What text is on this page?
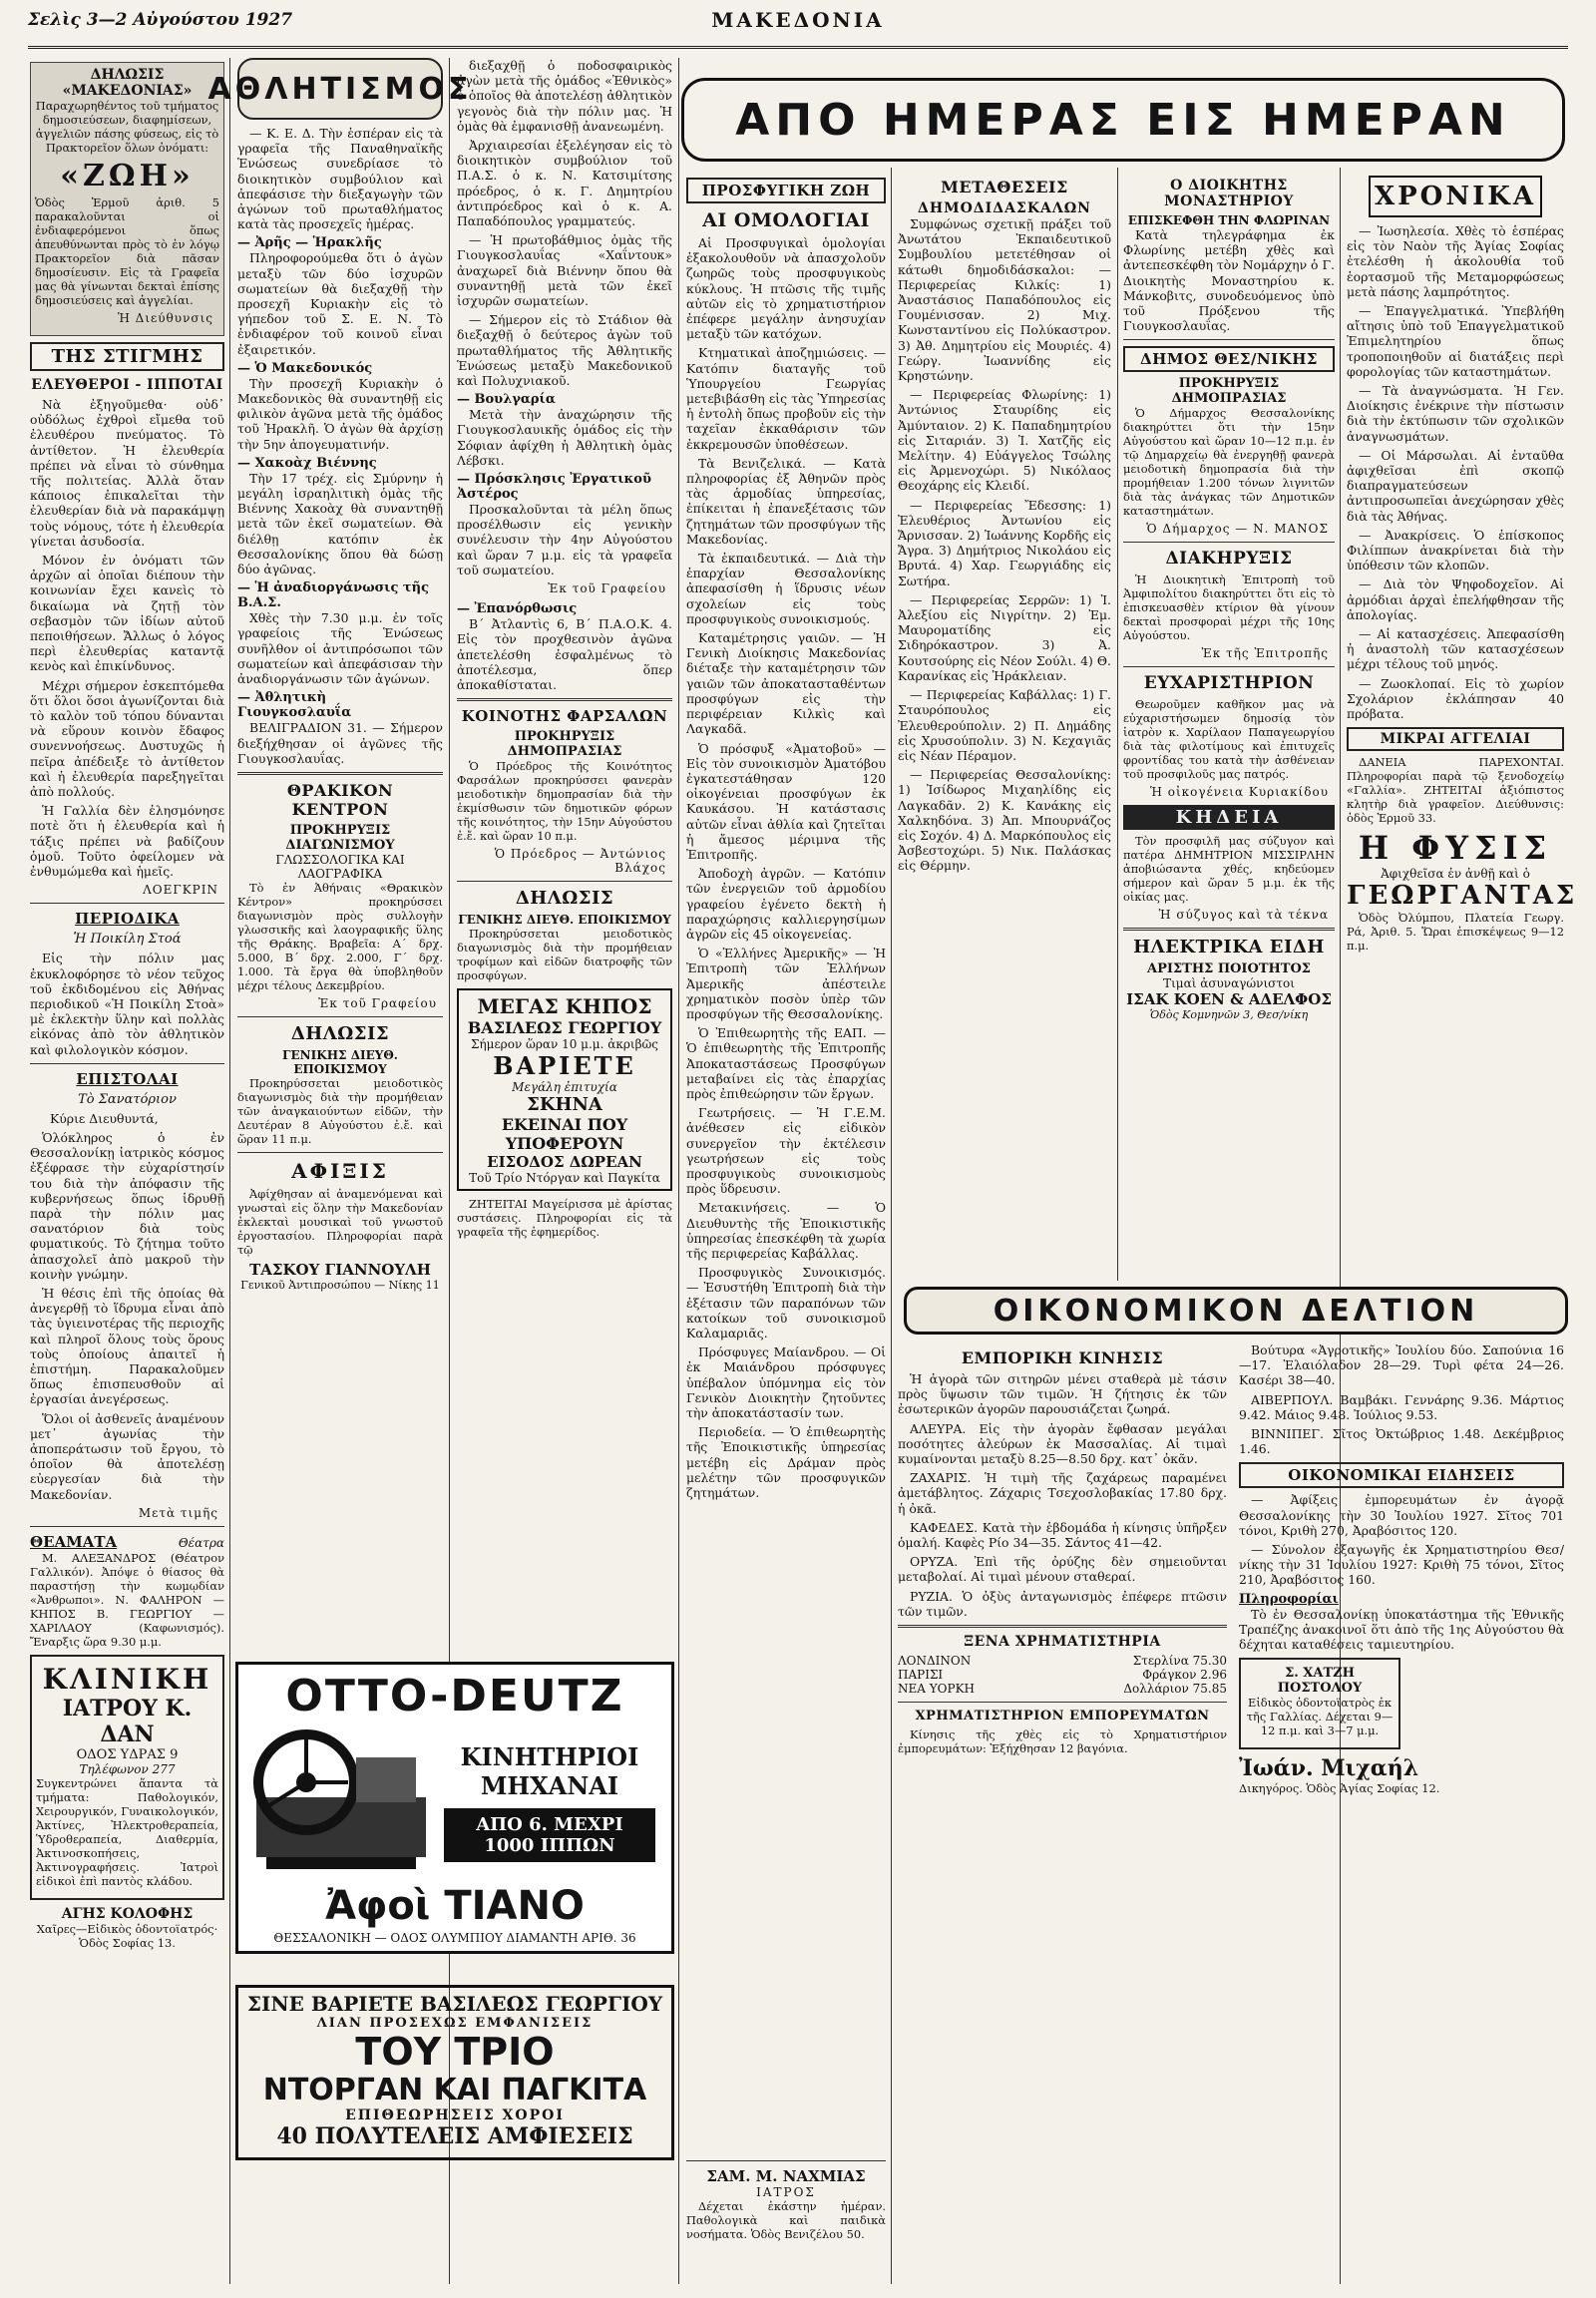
Σελὶς 3—2 Αὐγούστου 1927	ΜΑΚΕΔΟΝΙΑ
ΔΗΛΩΣΙΣ «ΜΑΚΕΔΟΝΙΑΣ»
Παραχωρηθέντος τοῦ τμήματος δημοσιεύσεων, διαφημίσεων, ἀγγελιῶν πάσης φύσεως, εἰς τὸ Πρακτορεῖον ὅλων ὀνόματι:
«ΖΩΗ»
Ὁδὸς Ἑρμοῦ ἀριθ. 5 παρακαλοῦνται οἱ ἐνδιαφερόμενοι ὅπως ἀπευθύνωνται πρὸς τὸ ἐν λόγῳ Πρακτορεῖον διὰ πᾶσαν δημοσίευσιν. Εἰς τὰ Γραφεῖα μας θὰ γίνωνται δεκταὶ ἐπίσης δημοσιεύσεις καὶ ἀγγελίαι.
Ἡ Διεύθυνσις
ΤΗΣ ΣΤΙΓΜΗΣ
ΕΛΕΥΘΕΡΟΙ - ΙΠΠΟΤΑΙ

Νὰ ἐξηγοῦμεθα· οὐδ᾽ οὐδόλως ἐχθροὶ εἴμεθα τοῦ ἐλευθέρου πνεύματος. Τὸ ἀντίθετον. Ἡ ἐλευθερία πρέπει νὰ εἶναι τὸ σύνθημα τῆς πολιτείας. Ἀλλὰ ὅταν κάποιος ἐπικαλεῖται τὴν ἐλευθερίαν διὰ νὰ παρακάμψῃ τοὺς νόμους, τότε ἡ ἐλευθερία γίνεται ἀσυδοσία.

Μόνον ἐν ὀνόματι τῶν ἀρχῶν αἱ ὁποῖαι διέπουν τὴν κοινωνίαν ἔχει κανεὶς τὸ δικαίωμα νὰ ζητῇ τὸν σεβασμὸν τῶν ἰδίων αὐτοῦ πεποιθήσεων. Ἄλλως ὁ λόγος περὶ ἐλευθερίας καταντᾷ κενὸς καὶ ἐπικίνδυνος.

Μέχρι σήμερον ἐσκεπτόμεθα ὅτι ὅλοι ὅσοι ἀγωνίζονται διὰ τὸ καλὸν τοῦ τόπου δύνανται νὰ εὕρουν κοινὸν ἔδαφος συνεννοήσεως. Δυστυχῶς ἡ πεῖρα ἀπέδειξε τὸ ἀντίθετον καὶ ἡ ἐλευθερία παρεξηγεῖται ἀπὸ πολλούς.

Ἡ Γαλλία δὲν ἐλησμόνησε ποτὲ ὅτι ἡ ἐλευθερία καὶ ἡ τάξις πρέπει νὰ βαδίζουν ὁμοῦ. Τοῦτο ὀφείλομεν νὰ ἐνθυμώμεθα καὶ ἡμεῖς.

ΛΟΕΓΚΡΙΝ
ΠΕΡΙΟΔΙΚΑ
Ἡ Ποικίλη Στοά

Εἰς τὴν πόλιν μας ἐκυκλοφόρησε τὸ νέον τεῦχος τοῦ ἐκδιδομένου εἰς Ἀθήνας περιοδικοῦ «Ἡ Ποικίλη Στοὰ» μὲ ἐκλεκτὴν ὕλην καὶ πολλὰς εἰκόνας ἀπὸ τὸν ἀθλητικὸν καὶ φιλολογικὸν κόσμον.

ΕΠΙΣΤΟΛΑΙ
Τὸ Σανατόριον

Κύριε Διευθυντά,

Ὁλόκληρος ὁ ἐν Θεσσαλονίκῃ ἰατρικὸς κόσμος ἐξέφρασε τὴν εὐχαρίστησίν του διὰ τὴν ἀπόφασιν τῆς κυβερνήσεως ὅπως ἱδρυθῇ παρὰ τὴν πόλιν μας σανατόριον διὰ τοὺς φυματικούς. Τὸ ζήτημα τοῦτο ἀπασχολεῖ ἀπὸ μακροῦ τὴν κοινὴν γνώμην.

Ἡ θέσις ἐπὶ τῆς ὁποίας θὰ ἀνεγερθῇ τὸ ἵδρυμα εἶναι ἀπὸ τὰς ὑγιεινοτέρας τῆς περιοχῆς καὶ πληροῖ ὅλους τοὺς ὅρους τοὺς ὁποίους ἀπαιτεῖ ἡ ἐπιστήμη. Παρακαλοῦμεν ὅπως ἐπισπευσθοῦν αἱ ἐργασίαι ἀνεγέρσεως.

Ὅλοι οἱ ἀσθενεῖς ἀναμένουν μετ᾽ ἀγωνίας τὴν ἀποπεράτωσιν τοῦ ἔργου, τὸ ὁποῖον θὰ ἀποτελέσῃ εὐεργεσίαν διὰ τὴν Μακεδονίαν.

Μετὰ τιμῆς
ΘΕΑΜΑΤΑ	Θέατρα

Μ. ΑΛΕΞΑΝΔΡΟΣ (Θέατρον Γαλλικόν). Ἀπόψε ὁ θίασος θὰ παραστήσῃ τὴν κωμῳδίαν «Ἀνθρωποι». Ν. ΦΑΛΗΡΟΝ — ΚΗΠΟΣ Β. ΓΕΩΡΓΙΟΥ — ΧΑΡΙΛΑΟΥ (Καφωνισμός). Ἔναρξις ὥρα 9.30 μ.μ.

ΚΛΙΝΙΚΗ
ΙΑΤΡΟΥ Κ. ΔΑΝ
ΟΔΟΣ ΥΔΡΑΣ 9
Τηλέφωνον 277

Συγκεντρώνει ἅπαντα τὰ τμήματα: Παθολογικόν, Χειρουργικόν, Γυναικολογικόν, Ἀκτίνες, Ἠλεκτροθεραπεία, Ὑδροθεραπεία, Διαθερμία, Ἀκτινοσκοπήσεις, Ἀκτινογραφήσεις. Ἰατροὶ εἰδικοὶ ἐπὶ παντὸς κλάδου.

ΑΓΗΣ ΚΟΛΟΦΗΣ
Χαῖρες—Εἰδικὸς ὁδοντοϊατρός· Ὁδὸς Σοφίας 13.
ΑΘΛΗΤΙΣΜΟΣ

— Κ. Ε. Δ. Τὴν ἑσπέραν εἰς τὰ γραφεῖα τῆς Παναθηναϊκῆς Ἑνώσεως συνεδρίασε τὸ διοικητικὸν συμβούλιον καὶ ἀπεφάσισε τὴν διεξαγωγὴν τῶν ἀγώνων τοῦ πρωταθλήματος κατὰ τὰς προσεχεῖς ἡμέρας.

— Ἀρῆς — Ἡρακλῆς

Πληροφορούμεθα ὅτι ὁ ἀγὼν μεταξὺ τῶν δύο ἰσχυρῶν σωματείων θὰ διεξαχθῇ τὴν προσεχῆ Κυριακὴν εἰς τὸ γήπεδον τοῦ Σ. Ε. Ν. Τὸ ἐνδιαφέρον τοῦ κοινοῦ εἶναι ἐξαιρετικόν.

— Ὁ Μακεδονικός

Τὴν προσεχῆ Κυριακὴν ὁ Μακεδονικὸς θὰ συναντηθῇ εἰς φιλικὸν ἀγῶνα μετὰ τῆς ὁμάδος τοῦ Ἠρακλῆ. Ὁ ἀγὼν θὰ ἀρχίσῃ τὴν 5ην ἀπογευματινήν.

— Χακοὰχ Βιέννης

Τὴν 17 τρέχ. εἰς Σμύρνην ἡ μεγάλη ἰσραηλιτικὴ ὁμὰς τῆς Βιέννης Χακοὰχ θὰ συναντηθῇ μετὰ τῶν ἐκεῖ σωματείων. Θὰ διέλθῃ κατόπιν ἐκ Θεσσαλονίκης ὅπου θὰ δώσῃ δύο ἀγῶνας.

— Ἡ ἀναδιοργάνωσις τῆς Β.Α.Σ.

Χθὲς τὴν 7.30 μ.μ. ἐν τοῖς γραφείοις τῆς Ἑνώσεως συνῆλθον οἱ ἀντιπρόσωποι τῶν σωματείων καὶ ἀπεφάσισαν τὴν ἀναδιοργάνωσιν τῶν ἀγώνων.

— Ἀθλητικὴ Γιουγκοσλαυΐα

ΒΕΛΙΓΡΑΔΙΟΝ 31. — Σήμερον διεξήχθησαν οἱ ἀγῶνες τῆς Γιουγκοσλαυΐας.

ΘΡΑΚΙΚΟΝ ΚΕΝΤΡΟΝ
ΠΡΟΚΗΡΥΞΙΣ ΔΙΑΓΩΝΙΣΜΟΥ
ΓΛΩΣΣΟΛΟΓΙΚΑ ΚΑΙ ΛΑΟΓΡΑΦΙΚΑ

Τὸ ἐν Ἀθήναις «Θρακικὸν Κέντρον» προκηρύσσει διαγωνισμὸν πρὸς συλλογὴν γλωσσικῆς καὶ λαογραφικῆς ὕλης τῆς Θράκης. Βραβεῖα: Α΄ δρχ. 5.000, Β΄ δρχ. 2.000, Γ΄ δρχ. 1.000. Τὰ ἔργα θὰ ὑποβληθοῦν μέχρι τέλους Δεκεμβρίου.

Ἐκ τοῦ Γραφείου
ΔΗΛΩΣΙΣ
ΓΕΝΙΚΗΣ ΔΙΕΥΘ. ΕΠΟΙΚΙΣΜΟΥ

Προκηρύσσεται μειοδοτικὸς διαγωνισμὸς διὰ τὴν προμήθειαν τῶν ἀναγκαιούντων εἰδῶν, τὴν Δευτέραν 8 Αὐγούστου ἐ.ἔ. καὶ ὥραν 11 π.μ.

ΑΦΙΞΙΣ

Ἀφίχθησαν αἱ ἀναμενόμεναι καὶ γνωσταὶ εἰς ὅλην τὴν Μακεδονίαν ἐκλεκταὶ μουσικαὶ τοῦ γνωστοῦ ἐργοστασίου. Πληροφορίαι παρὰ τῷ

ΤΑΣΚΟΥ ΓΙΑΝΝΟΥΛΗ
Γενικοῦ Ἀντιπροσώπου — Νίκης 11
OTTO-DEUTZ
ΚΙΝΗΤΗΡΙΟΙ
ΜΗΧΑΝΑΙ
ΑΠΟ 6. ΜΕΧΡΙ
1000 ΙΠΠΩΝ
Ἀφοὶ ΤΙΑΝΟ
ΘΕΣΣΑΛΟΝΙΚΗ — ΟΔΟΣ ΟΛΥΜΠΙΟΥ ΔΙΑΜΑΝΤΗ ΑΡΙΘ. 36
ΣΙΝΕ ΒΑΡΙΕΤΕ ΒΑΣΙΛΕΩΣ ΓΕΩΡΓΙΟΥ
ΛΙΑΝ ΠΡΟΣΕΧΩΣ ΕΜΦΑΝΙΣΕΙΣ
ΤΟΥ ΤΡΙΟ
ΝΤΟΡΓΑΝ ΚΑΙ ΠΑΓΚΙΤΑ
ΕΠΙΘΕΩΡΗΣΕΙΣ ΧΟΡΟΙ
40 ΠΟΛΥΤΕΛΕΙΣ ΑΜΦΙΕΣΕΙΣ

διεξαχθῇ ὁ ποδοσφαιρικὸς ἀγὼν μετὰ τῆς ὁμάδος «Ἐθνικὸς» ὁ ὁποῖος θὰ ἀποτελέσῃ ἀθλητικὸν γεγονὸς διὰ τὴν πόλιν μας. Ἡ ὁμὰς θὰ ἐμφανισθῇ ἀνανεωμένη.

Ἀρχιαιρεσίαι ἐξελέγησαν εἰς τὸ διοικητικὸν συμβούλιον τοῦ Π.Α.Σ. ὁ κ. Ν. Κατσιμίτσης πρόεδρος, ὁ κ. Γ. Δημητρίου ἀντιπρόεδρος καὶ ὁ κ. Α. Παπαδόπουλος γραμματεύς.

— Ἡ πρωτοβάθμιος ὁμὰς τῆς Γιουγκοσλαυΐας «Χαΐντουκ» ἀναχωρεῖ διὰ Βιέννην ὅπου θὰ συναντηθῇ μετὰ τῶν ἐκεῖ ἰσχυρῶν σωματείων.

— Σήμερον εἰς τὸ Στάδιον θὰ διεξαχθῇ ὁ δεύτερος ἀγὼν τοῦ πρωταθλήματος τῆς Ἀθλητικῆς Ἑνώσεως μεταξὺ Μακεδονικοῦ καὶ Πολυχνιακοῦ.

— Βουλγαρία

Μετὰ τὴν ἀναχώρησιν τῆς Γιουγκοσλαυικῆς ὁμάδος εἰς τὴν Σόφιαν ἀφίχθη ἡ Ἀθλητικὴ ὁμὰς Λέβσκι.

— Πρόσκλησις Ἐργατικοῦ Ἀστέρος

Προσκαλοῦνται τὰ μέλη ὅπως προσέλθωσιν εἰς γενικὴν συνέλευσιν τὴν 4ην Αὐγούστου καὶ ὥραν 7 μ.μ. εἰς τὰ γραφεῖα τοῦ σωματείου.

Ἐκ τοῦ Γραφείου
— Ἐπανόρθωσις

Β΄ Ἀτλαντὶς 6, Β΄ Π.Α.Ο.Κ. 4. Εἰς τὸν προχθεσινὸν ἀγῶνα ἀπετελέσθη ἐσφαλμένως τὸ ἀποτέλεσμα, ὅπερ ἀποκαθίσταται.

ΚΟΙΝΟΤΗΣ ΦΑΡΣΑΛΩΝ
ΠΡΟΚΗΡΥΞΙΣ ΔΗΜΟΠΡΑΣΙΑΣ

Ὁ Πρόεδρος τῆς Κοινότητος Φαρσάλων προκηρύσσει φανερὰν μειοδοτικὴν δημοπρασίαν διὰ τὴν ἐκμίσθωσιν τῶν δημοτικῶν φόρων τῆς κοινότητος, τὴν 15ην Αὐγούστου ἐ.ἔ. καὶ ὥραν 10 π.μ.

Ὁ Πρόεδρος — Ἀντώνιος Βλάχος
ΔΗΛΩΣΙΣ
ΓΕΝΙΚΗΣ ΔΙΕΥΘ. ΕΠΟΙΚΙΣΜΟΥ

Προκηρύσσεται μειοδοτικὸς διαγωνισμὸς διὰ τὴν προμήθειαν τροφίμων καὶ εἰδῶν διατροφῆς τῶν προσφύγων.

ΜΕΓΑΣ ΚΗΠΟΣ
ΒΑΣΙΛΕΩΣ ΓΕΩΡΓΙΟΥ
Σήμερον ὥραν 10 μ.μ. ἀκριβῶς
ΒΑΡΙΕΤΕ
Μεγάλη ἐπιτυχία
ΣΚΗΝΑ
ΕΚΕΙΝΑΙ ΠΟΥ ΥΠΟΦΕΡΟΥΝ
ΕΙΣΟΔΟΣ ΔΩΡΕΑΝ
Τοῦ Τρίο Ντόργαν καὶ Παγκίτα

ΖΗΤΕΙΤΑΙ Μαγείρισσα μὲ ἀρίστας συστάσεις. Πληροφορίαι εἰς τὰ γραφεῖα τῆς ἐφημερίδος.

ΑΠΟ ΗΜΕΡΑΣ ΕΙΣ ΗΜΕΡΑΝ
ΠΡΟΣΦΥΓΙΚΗ ΖΩΗ
ΑΙ ΟΜΟΛΟΓΙΑΙ

Αἱ Προσφυγικαὶ ὁμολογίαι ἐξακολουθοῦν νὰ ἀπασχολοῦν ζωηρῶς τοὺς προσφυγικοὺς κύκλους. Ἡ πτῶσις τῆς τιμῆς αὐτῶν εἰς τὸ χρηματιστήριον ἐπέφερε μεγάλην ἀνησυχίαν μεταξὺ τῶν κατόχων.

Κτηματικαὶ ἀποζημιώσεις. — Κατόπιν διαταγῆς τοῦ Ὑπουργείου Γεωργίας μετεβιβάσθη εἰς τὰς Ὑπηρεσίας ἡ ἐντολὴ ὅπως προβοῦν εἰς τὴν ταχεῖαν ἐκκαθάρισιν τῶν ἐκκρεμουσῶν ὑποθέσεων.

Τὰ Βενιζελικά. — Κατὰ πληροφορίας ἐξ Ἀθηνῶν πρὸς τὰς ἁρμοδίας ὑπηρεσίας, ἐπίκειται ἡ ἐπανεξέτασις τῶν ζητημάτων τῶν προσφύγων τῆς Μακεδονίας.

Τὰ ἐκπαιδευτικά. — Διὰ τὴν ἐπαρχίαν Θεσσαλονίκης ἀπεφασίσθη ἡ ἵδρυσις νέων σχολείων εἰς τοὺς προσφυγικοὺς συνοικισμούς.

Καταμέτρησις γαιῶν. — Ἡ Γενικὴ Διοίκησις Μακεδονίας διέταξε τὴν καταμέτρησιν τῶν γαιῶν τῶν ἀποκατασταθέντων προσφύγων εἰς τὴν περιφέρειαν Κιλκὶς καὶ Λαγκαδᾶ.

Ὁ πρόσφυξ «Ἀματοβοῦ» — Εἰς τὸν συνοικισμὸν Ἀματόβου ἐγκατεστάθησαν 120 οἰκογένειαι προσφύγων ἐκ Καυκάσου. Ἡ κατάστασις αὐτῶν εἶναι ἀθλία καὶ ζητεῖται ἡ ἄμεσος μέριμνα τῆς Ἐπιτροπῆς.

Ἀποδοχὴ ἀγρῶν. — Κατόπιν τῶν ἐνεργειῶν τοῦ ἀρμοδίου γραφείου ἐγένετο δεκτὴ ἡ παραχώρησις καλλιεργησίμων ἀγρῶν εἰς 45 οἰκογενείας.

Ὁ «Ἑλλήνες Ἀμερικῆς» — Ἡ Ἐπιτροπὴ τῶν Ἑλλήνων Ἀμερικῆς ἀπέστειλε χρηματικὸν ποσὸν ὑπὲρ τῶν προσφύγων τῆς Θεσσαλονίκης.

Ὁ Ἐπιθεωρητὴς τῆς ΕΑΠ. — Ὁ ἐπιθεωρητὴς τῆς Ἐπιτροπῆς Ἀποκαταστάσεως Προσφύγων μεταβαίνει εἰς τὰς ἐπαρχίας πρὸς ἐπιθεώρησιν τῶν ἔργων.

Γεωτρήσεις. — Ἡ Γ.Ε.Μ. ἀνέθεσεν εἰς εἰδικὸν συνεργεῖον τὴν ἐκτέλεσιν γεωτρήσεων εἰς τοὺς προσφυγικοὺς συνοικισμοὺς πρὸς ὕδρευσιν.

Μετακινήσεις. — Ὁ Διευθυντὴς τῆς Ἐποικιστικῆς ὑπηρεσίας ἐπεσκέφθη τὰ χωρία τῆς περιφερείας Καβάλλας.

Προσφυγικὸς Συνοικισμός. — Ἐσυστήθη Ἐπιτροπὴ διὰ τὴν ἐξέτασιν τῶν παραπόνων τῶν κατοίκων τοῦ συνοικισμοῦ Καλαμαριᾶς.

Πρόσφυγες Μαίανδρου. — Οἱ ἐκ Μαιάνδρου πρόσφυγες ὑπέβαλον ὑπόμνημα εἰς τὸν Γενικὸν Διοικητὴν ζητοῦντες τὴν ἀποκατάστασίν των.

Περιοδεία. — Ὁ ἐπιθεωρητὴς τῆς Ἐποικιστικῆς ὑπηρεσίας μετέβη εἰς Δράμαν πρὸς μελέτην τῶν προσφυγικῶν ζητημάτων.

ΣΑΜ. Μ. ΝΑΧΜΙΑΣ
ΙΑΤΡΟΣ

Δέχεται ἐκάστην ἡμέραν. Παθολογικὰ καὶ παιδικὰ νοσήματα. Ὁδὸς Βενιζέλου 50.

ΜΕΤΑΘΕΣΕΙΣ
ΔΗΜΟΔΙΔΑΣΚΑΛΩΝ

Συμφώνως σχετικῇ πράξει τοῦ Ἀνωτάτου Ἐκπαιδευτικοῦ Συμβουλίου μετετέθησαν οἱ κάτωθι δημοδιδάσκαλοι: — Περιφερείας Κιλκίς: 1) Ἀναστάσιος Παπαδόπουλος εἰς Γουμένισσαν. 2) Μιχ. Κωνσταντίνου εἰς Πολύκαστρον. 3) Ἀθ. Δημητρίου εἰς Μουριές. 4) Γεώργ. Ἰωαννίδης εἰς Κρηστώνην.

— Περιφερείας Φλωρίνης: 1) Ἀντώνιος Σταυρίδης εἰς Ἀμύνταιον. 2) Κ. Παπαδημητρίου εἰς Σιταριάν. 3) Ἰ. Χατζῆς εἰς Μελίτην. 4) Εὐάγγελος Τσώλης εἰς Ἀρμενοχώρι. 5) Νικόλαος Θεοχάρης εἰς Κλειδί.

— Περιφερείας Ἔδεσσης: 1) Ἐλευθέριος Ἀντωνίου εἰς Ἄρνισσαν. 2) Ἰωάννης Κορδῆς εἰς Ἄγρα. 3) Δημήτριος Νικολάου εἰς Βρυτά. 4) Χαρ. Γεωργιάδης εἰς Σωτήρα.

— Περιφερείας Σερρῶν: 1) Ἰ. Ἀλεξίου εἰς Νιγρίτην. 2) Ἐμ. Μαυροματίδης εἰς Σιδηρόκαστρον. 3) Ἀ. Κουτσούρης εἰς Νέον Σούλι. 4) Θ. Καρανίκας εἰς Ἡράκλειαν.

— Περιφερείας Καβάλλας: 1) Γ. Σταυρόπουλος εἰς Ἐλευθερούπολιν. 2) Π. Δημάδης εἰς Χρυσούπολιν. 3) Ν. Κεχαγιᾶς εἰς Νέαν Πέραμον.

— Περιφερείας Θεσσαλονίκης: 1) Ἰσίδωρος Μιχαηλίδης εἰς Λαγκαδᾶν. 2) Κ. Κανάκης εἰς Χαλκηδόνα. 3) Ἀπ. Μπουρνάζος εἰς Σοχόν. 4) Δ. Μαρκόπουλος εἰς Ἀσβεστοχώρι. 5) Νικ. Παλάσκας εἰς Θέρμην.

Ο ΔΙΟΙΚΗΤΗΣ ΜΟΝΑΣΤΗΡΙΟΥ
ΕΠΙΣΚΕΦΘΗ ΤΗΝ ΦΛΩΡΙΝΑΝ

Κατὰ τηλεγράφημα ἐκ Φλωρίνης μετέβη χθὲς καὶ ἀντεπεσκέφθη τὸν Νομάρχην ὁ Γ. Διοικητὴς Μοναστηρίου κ. Μάνκοβιτς, συνοδευόμενος ὑπὸ τοῦ Πρόξενου τῆς Γιουγκοσλαυΐας.

ΔΗΜΟΣ ΘΕΣ/ΝΙΚΗΣ
ΠΡΟΚΗΡΥΞΙΣ ΔΗΜΟΠΡΑΣΙΑΣ

Ὁ Δήμαρχος Θεσσαλονίκης διακηρύττει ὅτι τὴν 15ην Αὐγούστου καὶ ὥραν 10—12 π.μ. ἐν τῷ Δημαρχείῳ θὰ ἐνεργηθῇ φανερὰ μειοδοτικὴ δημοπρασία διὰ τὴν προμήθειαν 1.200 τόνων λιγνιτῶν διὰ τὰς ἀνάγκας τῶν Δημοτικῶν καταστημάτων.

Ὁ Δήμαρχος — Ν. ΜΑΝΟΣ
ΔΙΑΚΗΡΥΞΙΣ

Ἡ Διοικητικὴ Ἐπιτροπὴ τοῦ Ἀμφιπολίτου διακηρύττει ὅτι εἰς τὸ ἐπισκευασθὲν κτίριον θὰ γίνουν δεκταὶ προσφοραὶ μέχρι τῆς 10ης Αὐγούστου.

Ἐκ τῆς Ἐπιτροπῆς
ΕΥΧΑΡΙΣΤΗΡΙΟΝ

Θεωροῦμεν καθῆκον μας νὰ εὐχαριστήσωμεν δημοσίᾳ τὸν ἰατρὸν κ. Χαρίλαον Παπαγεωργίου διὰ τὰς φιλοτίμους καὶ ἐπιτυχεῖς φροντίδας του κατὰ τὴν ἀσθένειαν τοῦ προσφιλοῦς μας πατρός.

Ἡ οἰκογένεια Κυριακίδου
ΚΗΔΕΙΑ

Τὸν προσφιλῆ μας σύζυγον καὶ πατέρα ΔΗΜΗΤΡΙΟΝ ΜΙΣΣΙΡΛΗΝ ἀποβιώσαντα χθές, κηδεύομεν σήμερον καὶ ὥραν 5 μ.μ. ἐκ τῆς οἰκίας μας.

Ἡ σύζυγος καὶ τὰ τέκνα
ΗΛΕΚΤΡΙΚΑ ΕΙΔΗ
ΑΡΙΣΤΗΣ ΠΟΙΟΤΗΤΟΣ
Τιμαὶ ἀσυναγώνιστοι
ΙΣΑΚ ΚΟΕΝ & ΑΔΕΛΦΟΣ
Ὁδὸς Κομνηνῶν 3, Θεσ/νίκη
ΧΡΟΝΙΚΑ

— Ἰωσηλεσία. Χθὲς τὸ ἑσπέρας εἰς τὸν Ναὸν τῆς Ἁγίας Σοφίας ἐτελέσθη ἡ ἀκολουθία τοῦ ἑορτασμοῦ τῆς Μεταμορφώσεως μετὰ πάσης λαμπρότητος.

— Ἐπαγγελματικά. Ὑπεβλήθη αἴτησις ὑπὸ τοῦ Ἐπαγγελματικοῦ Ἐπιμελητηρίου ὅπως τροποποιηθοῦν αἱ διατάξεις περὶ φορολογίας τῶν καταστημάτων.

— Τὰ ἀναγνώσματα. Ἡ Γεν. Διοίκησις ἐνέκρινε τὴν πίστωσιν διὰ τὴν ἐκτύπωσιν τῶν σχολικῶν ἀναγνωσμάτων.

— Οἱ Μάρσωλαι. Αἱ ἐνταῦθα ἀφιχθεῖσαι ἐπὶ σκοπῷ διαπραγματεύσεων ἀντιπροσωπεῖαι ἀνεχώρησαν χθὲς διὰ τὰς Ἀθήνας.

— Ἀνακρίσεις. Ὁ ἐπίσκοπος Φιλίππων ἀνακρίνεται διὰ τὴν ὑπόθεσιν τῶν κλοπῶν.

— Διὰ τὸν Ψηφοδοχεῖον. Αἱ ἀρμόδιαι ἀρχαὶ ἐπελήφθησαν τῆς ἀπολογίας.

— Αἱ κατασχέσεις. Ἀπεφασίσθη ἡ ἀναστολὴ τῶν κατασχέσεων μέχρι τέλους τοῦ μηνός.

— Ζωοκλοπαί. Εἰς τὸ χωρίον Σχολάριον ἐκλάπησαν 40 πρόβατα.

ΜΙΚΡΑΙ ΑΓΓΕΛΙΑΙ

ΔΑΝΕΙΑ ΠΑΡΕΧΟΝΤΑΙ. Πληροφορίαι παρὰ τῷ ξενοδοχείῳ «Γαλλία». ΖΗΤΕΙΤΑΙ ἀξιόπιστος κλητὴρ διὰ γραφεῖον. Διεύθυνσις: ὁδὸς Ἑρμοῦ 33.

Η ΦΥΣΙΣ
Ἀφιχθεῖσα ἐν ἀνθῇ καὶ ὁ
ΓΕΩΡΓΑΝΤΑΣ

Ὁδὸς Ὀλύμπου, Πλατεία Γεωργ. Ρά, Ἀριθ. 5. Ὥραι ἐπισκέψεως 9—12 π.μ.

ΟΙΚΟΝΟΜΙΚΟΝ ΔΕΛΤΙΟΝ
ΕΜΠΟΡΙΚΗ ΚΙΝΗΣΙΣ

Ἡ ἀγορὰ τῶν σιτηρῶν μένει σταθερὰ μὲ τάσιν πρὸς ὕψωσιν τῶν τιμῶν. Ἡ ζήτησις ἐκ τῶν ἐσωτερικῶν ἀγορῶν παρουσιάζεται ζωηρά.

ΑΛΕΥΡΑ. Εἰς τὴν ἀγορὰν ἔφθασαν μεγάλαι ποσότητες ἀλεύρων ἐκ Μασσαλίας. Αἱ τιμαὶ κυμαίνονται μεταξὺ 8.25—8.50 δρχ. κατ᾽ ὀκᾶν.

ΖΑΧΑΡΙΣ. Ἡ τιμὴ τῆς ζαχάρεως παραμένει ἀμετάβλητος. Ζάχαρις Τσεχοσλοβακίας 17.80 δρχ. ἡ ὀκᾶ.

ΚΑΦΕΔΕΣ. Κατὰ τὴν ἑβδομάδα ἡ κίνησις ὑπῆρξεν ὁμαλή. Καφὲς Ρίο 34—35. Σάντος 41—42.

ΟΡΥΖΑ. Ἐπὶ τῆς ὀρύζης δὲν σημειοῦνται μεταβολαί. Αἱ τιμαὶ μένουν σταθεραί.

ΡΥΖΙΑ. Ὁ ὀξὺς ἀνταγωνισμὸς ἐπέφερε πτῶσιν τῶν τιμῶν.

ΞΕΝΑ ΧΡΗΜΑΤΙΣΤΗΡΙΑ
ΛΟΝΔΙΝΟΝ	Στερλίνα 75.30
ΠΑΡΙΣΙ	Φράγκον 2.96
ΝΕΑ ΥΟΡΚΗ	Δολλάριον 75.85
ΧΡΗΜΑΤΙΣΤΗΡΙΟΝ ΕΜΠΟΡΕΥΜΑΤΩΝ

Κίνησις τῆς χθὲς εἰς τὸ Χρηματιστήριον ἐμπορευμάτων: Ἐξήχθησαν 12 βαγόνια.

Βούτυρα «Ἀγροτικῆς» Ἰουλίου δύο. Σαπούνια 16—17. Ἐλαιόλαδον 28—29. Τυρὶ φέτα 24—26. Κασέρι 38—40.

ΑΙΒΕΡΠΟΥΛ. Βαμβάκι. Γεννάρης 9.36. Μάρτιος 9.42. Μάιος 9.48. Ἰούλιος 9.53.

ΒΙΝΝΙΠΕΓ. Σῖτος Ὀκτώβριος 1.48. Δεκέμβριος 1.46.

ΟΙΚΟΝΟΜΙΚΑΙ ΕΙΔΗΣΕΙΣ

— Ἀφίξεις ἐμπορευμάτων ἐν ἀγορᾷ Θεσσαλονίκης τὴν 30 Ἰουλίου 1927. Σῖτος 701 τόνοι, Κριθὴ 270, Ἀραβόσιτος 120.

— Σύνολον ἐξαγωγῆς ἐκ Χρηματιστηρίου Θεσ/νίκης τὴν 31 Ἰουλίου 1927: Κριθὴ 75 τόνοι, Σῖτος 210, Ἀραβόσιτος 160.

Πληροφορίαι

Τὸ ἐν Θεσσαλονίκῃ ὑποκατάστημα τῆς Ἐθνικῆς Τραπέζης ἀνακοινοῖ ὅτι ἀπὸ τῆς 1ης Αὐγούστου θὰ δέχηται καταθέσεις ταμιευτηρίου.

Σ. ΧΑΤΖΗ ΠΟΣΤΟΛΟΥ
Εἰδικὸς ὁδοντοϊατρὸς ἐκ τῆς Γαλλίας. Δέχεται 9—12 π.μ. καὶ 3—7 μ.μ.
Ἰωάν. Μιχαήλ
Δικηγόρος. Ὁδὸς Ἀγίας Σοφίας 12.
